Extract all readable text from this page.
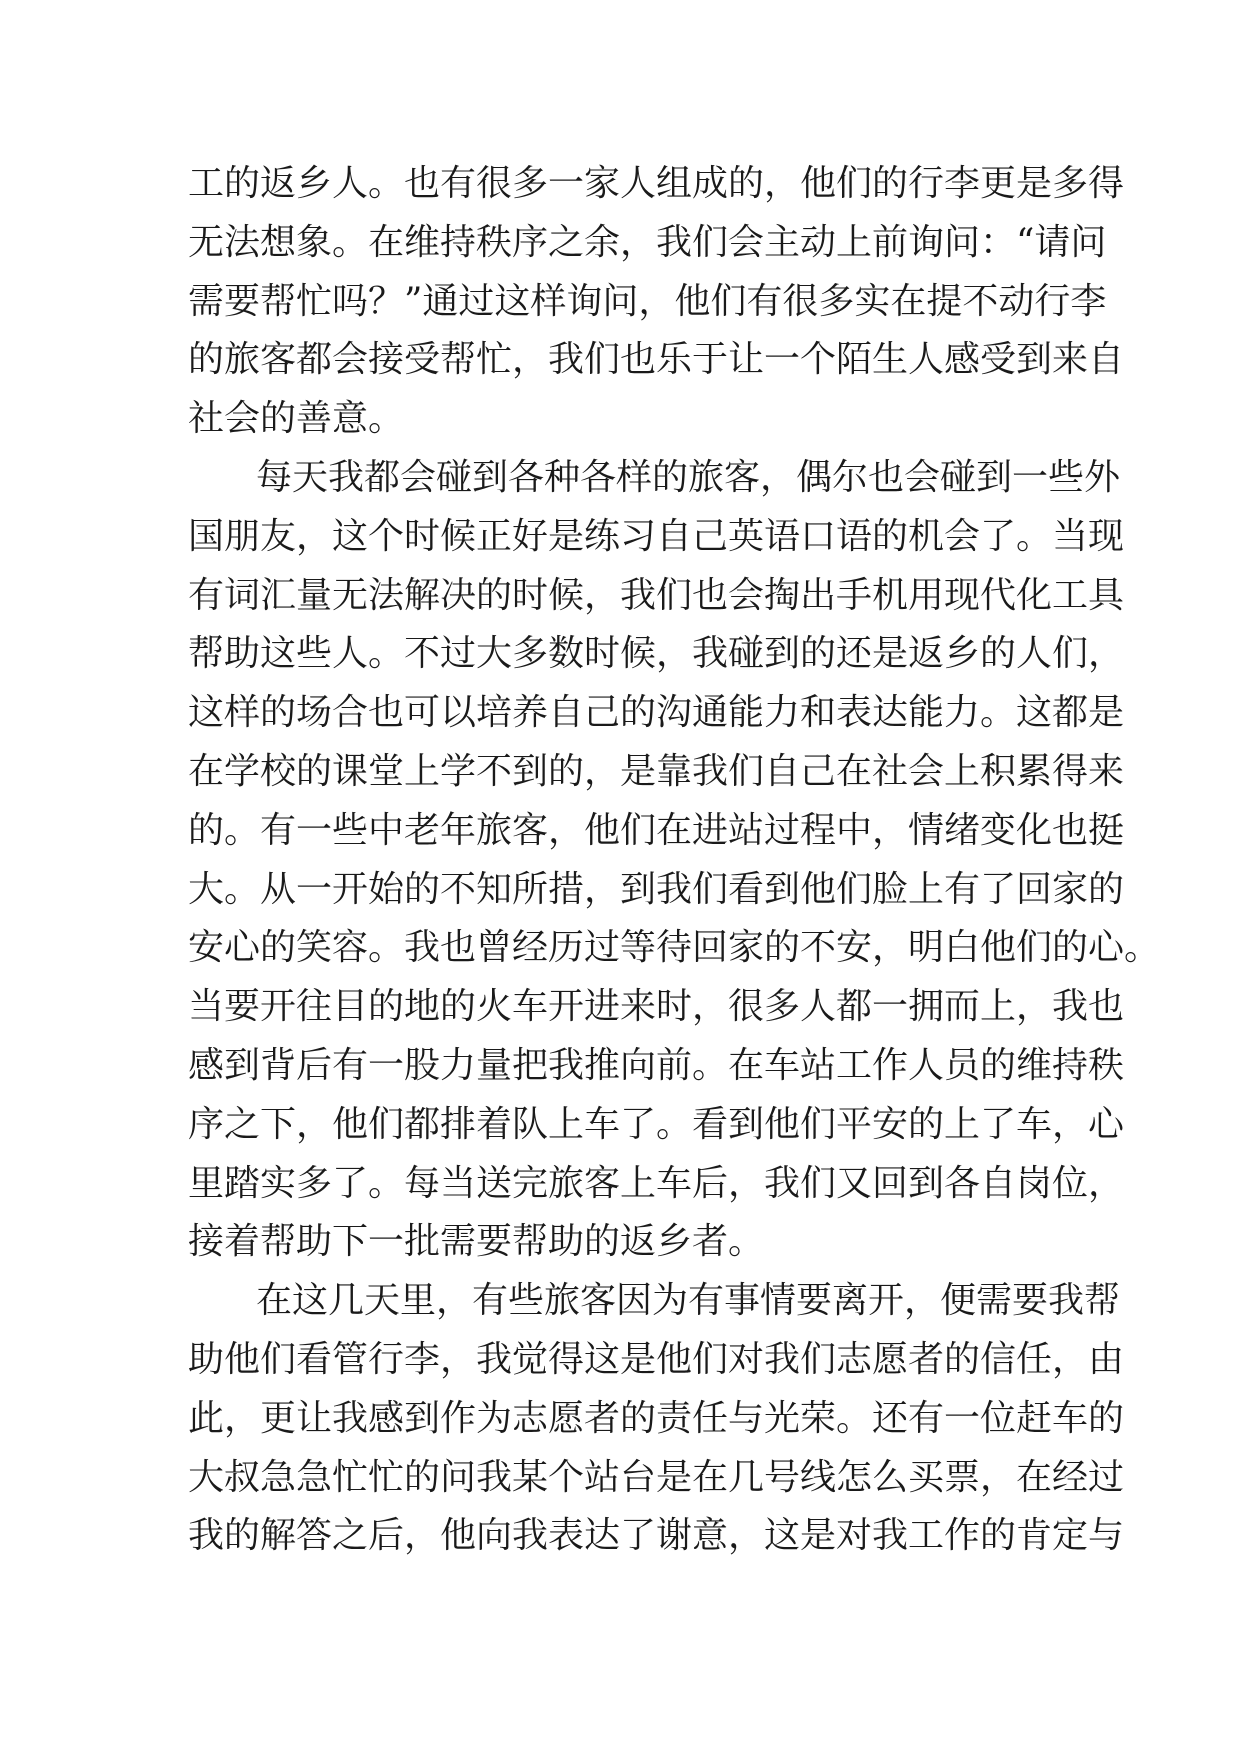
工的返乡人。也有很多一家人组成的，他们的行李更是多得
无法想象。在维持秩序之余，我们会主动上前询问：“请问
需要帮忙吗？”通过这样询问，他们有很多实在提不动行李
的旅客都会接受帮忙，我们也乐于让一个陌生人感受到来自
社会的善意。
每天我都会碰到各种各样的旅客，偶尔也会碰到一些外
国朋友，这个时候正好是练习自己英语口语的机会了。当现
有词汇量无法解决的时候，我们也会掏出手机用现代化工具
帮助这些人。不过大多数时候，我碰到的还是返乡的人们，
这样的场合也可以培养自己的沟通能力和表达能力。这都是
在学校的课堂上学不到的，是靠我们自己在社会上积累得来
的。有一些中老年旅客，他们在进站过程中，情绪变化也挺
大。从一开始的不知所措，到我们看到他们脸上有了回家的
安心的笑容。我也曾经历过等待回家的不安，明白他们的心。
当要开往目的地的火车开进来时，很多人都一拥而上，我也
感到背后有一股力量把我推向前。在车站工作人员的维持秩
序之下，他们都排着队上车了。看到他们平安的上了车，心
里踏实多了。每当送完旅客上车后，我们又回到各自岗位，
接着帮助下一批需要帮助的返乡者。
在这几天里，有些旅客因为有事情要离开，便需要我帮
助他们看管行李，我觉得这是他们对我们志愿者的信任，由
此，更让我感到作为志愿者的责任与光荣。还有一位赶车的
大叔急急忙忙的问我某个站台是在几号线怎么买票，在经过
我的解答之后，他向我表达了谢意，这是对我工作的肯定与
